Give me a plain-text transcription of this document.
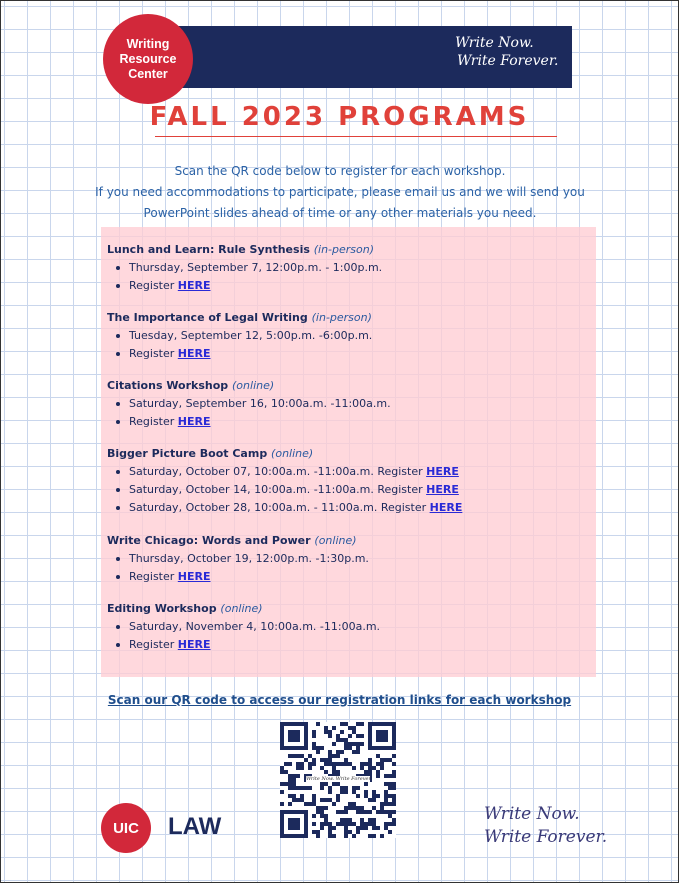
Writing
Resource
Center
Write Now.
Write Forever.
FALL 2023 PROGRAMS
Scan the QR code below to register for each workshop.
If you need accommodations to participate, please email us and we will send you
PowerPoint slides ahead of time or any other materials you need.
Lunch and Learn: Rule Synthesis (in-person)
Thursday, September 7, 12:00p.m. - 1:00p.m.
Register HERE
The Importance of Legal Writing (in-person)
Tuesday, September 12, 5:00p.m. -6:00p.m.
Register HERE
Citations Workshop (online)
Saturday, September 16, 10:00a.m. -11:00a.m.
Register HERE
Bigger Picture Boot Camp (online)
Saturday, October 07, 10:00a.m. -11:00a.m. Register HERE
Saturday, October 14, 10:00a.m. -11:00a.m. Register HERE
Saturday, October 28, 10:00a.m. - 11:00a.m. Register HERE
Write Chicago: Words and Power (online)
Thursday, October 19, 12:00p.m. -1:30p.m.
Register HERE
Editing Workshop (online)
Saturday, November 4, 10:00a.m. -11:00a.m.
Register HERE
Scan our QR code to access our registration links for each workshop
Write Now. Write Forever.
UIC LAW	Write Now.
Write Forever.
